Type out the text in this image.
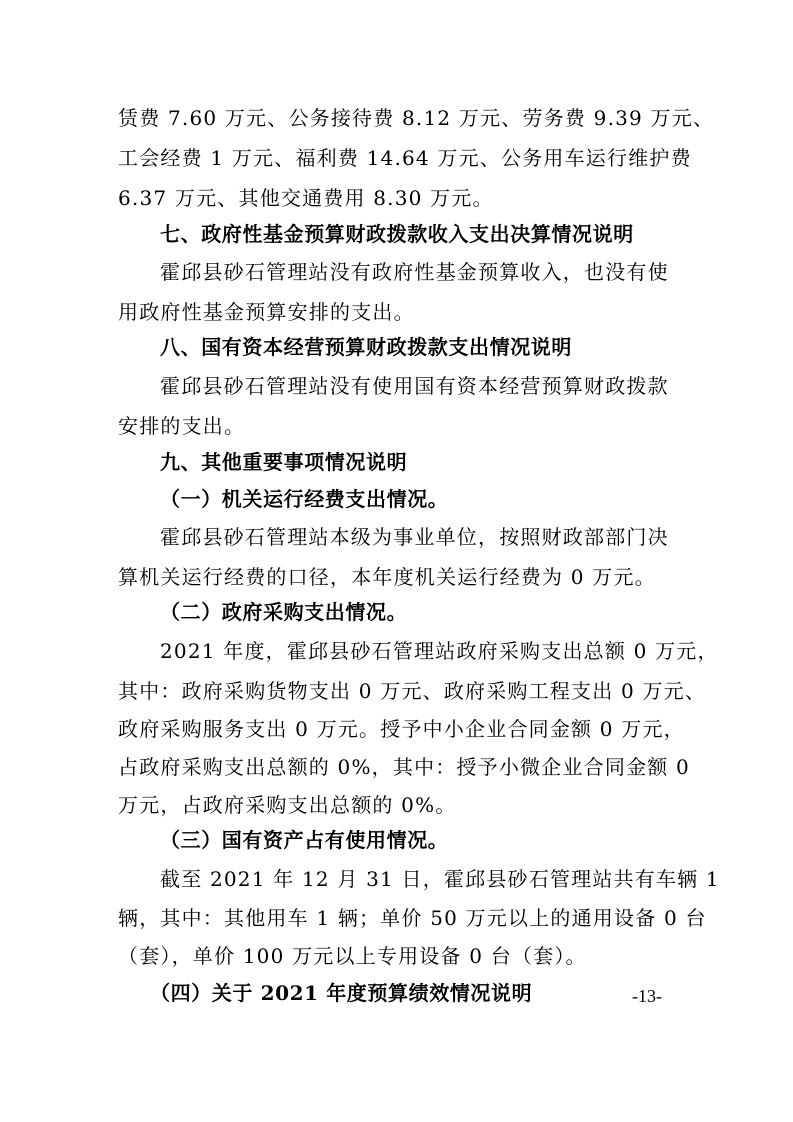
赁费 7.60 万元、公务接待费 8.12 万元、劳务费 9.39 万元、
工会经费 1 万元、福利费 14.64 万元、公务用车运行维护费
6.37 万元、其他交通费用 8.30 万元。
七、政府性基金预算财政拨款收入支出决算情况说明
霍邱县砂石管理站没有政府性基金预算收入，也没有使
用政府性基金预算安排的支出。
八、国有资本经营预算财政拨款支出情况说明
霍邱县砂石管理站没有使用国有资本经营预算财政拨款
安排的支出。
九、其他重要事项情况说明
（一）机关运行经费支出情况。
霍邱县砂石管理站本级为事业单位，按照财政部部门决
算机关运行经费的口径，本年度机关运行经费为 0 万元。
（二）政府采购支出情况。
2021 年度，霍邱县砂石管理站政府采购支出总额 0 万元，
其中：政府采购货物支出 0 万元、政府采购工程支出 0 万元、
政府采购服务支出 0 万元。授予中小企业合同金额 0 万元，
占政府采购支出总额的 0%，其中：授予小微企业合同金额 0
万元，占政府采购支出总额的 0%。
（三）国有资产占有使用情况。
截至 2021 年 12 月 31 日，霍邱县砂石管理站共有车辆 1
辆，其中：其他用车 1 辆；单价 50 万元以上的通用设备 0 台
（套），单价 100 万元以上专用设备 0 台（套）。
（四）关于 2021 年度预算绩效情况说明	-13-
